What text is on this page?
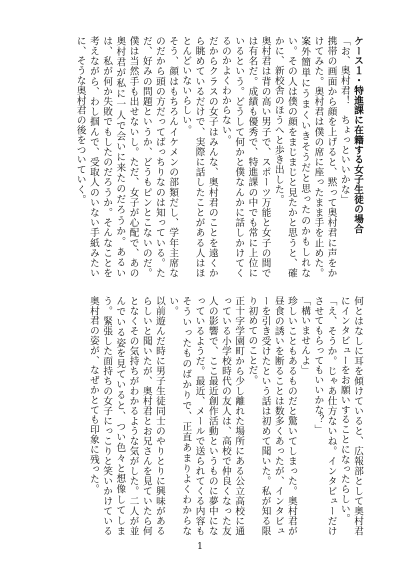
ケース１・特進課に在籍する女子生徒の場合

「お、奥村君！　ちょっといいかな」

携帯の画面から顔を上げると、黙って奥村君に声をかけてみた。奥村君は僕の席に座ったまま手を止めた。案外簡単にうまくいきそうだと思ったのかもしれない。その人は僕の顔をまじまじと見たかと思うと、確かに、新校舎のほうへと歩き出した。

奥村君は背の高い男子で、スポーツ万能と女子の間では有名だ。成績も優秀で、特進課の中でも常に上位にいるという。どうして何かと僕なんかに話しかけてくるのかよくわからない。

だからクラスの女子はみんな、奥村君のことを遠くから眺めているだけで、実際に話したことがある人はほとんどいないらしい。

そう、顔はもちろんイケメンの部類だし、学年主席なのだから頭の方だってばっちりなのは知っている。ただ、好みの問題というか、どうもピンとこないのだ。僕は当然手も出せないし。ただ、女子が心配で、あの奥村君が私に一人で会いに来たのだろうか。あるいは、私が何か失敗でもしたのだろうか。そんなことを考えながら、わし掴んで、受取人のいない手紙みたいに、そうな奥村君の後をついていく。

何とはなしに耳を傾けていると、広報部として奥村君にインタビューをお願いすることになったらしい。

「え、そうか。じゃあ仕方ないね。インタビューだけさせてもらってもいいかな？」

「構いませんよ」

珍しいこともあるものだと驚いてしまった。奥村君が昼食の誘いを断ることは数多くあったが、インタビューを引き受けたという話は初めて聞いた。私が知る限り初めてのことだ。

正十字学園町から少し離れた場所にある公立高校に通っている小学校時代の友人は、高校で仲良くなった友人の影響で、ここ最近創作活動というものに夢中になっているようだ。最近、メールで送られてくる内容もそういったものばかりで、正直あまりよくわからない。

以前遊んだ時に男子生徒同士のやりとりに興味があるらしいと聞いたが、奥村君とお兄さんを見ていたら何となくその気持ちがわかるような気がした。二人が並んでいる姿を見ていると、つい色々と想像してしまう。緊張した面持ちの女子にっこりと笑いかけている奥村君の姿が、なぜかとても印象に残った。

1
